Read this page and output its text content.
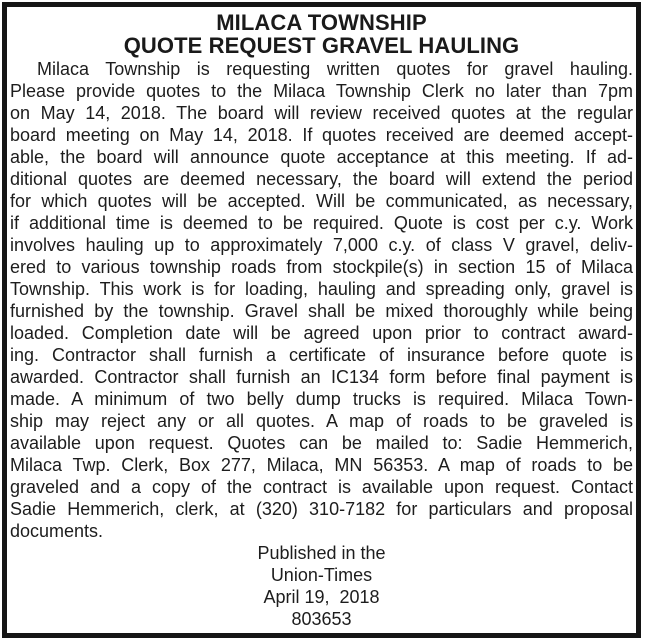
MILACA TOWNSHIP
QUOTE REQUEST GRAVEL HAULING
Milaca Township is requesting written quotes for gravel hauling.
Please provide quotes to the Milaca Township Clerk no later than 7pm
on May 14, 2018. The board will review received quotes at the regular
board meeting on May 14, 2018. If quotes received are deemed accept-
able, the board will announce quote acceptance at this meeting. If ad-
ditional quotes are deemed necessary, the board will extend the period
for which quotes will be accepted. Will be communicated, as necessary,
if additional time is deemed to be required. Quote is cost per c.y. Work
involves hauling up to approximately 7,000 c.y. of class V gravel, deliv-
ered to various township roads from stockpile(s) in section 15 of Milaca
Township. This work is for loading, hauling and spreading only, gravel is
furnished by the township. Gravel shall be mixed thoroughly while being
loaded. Completion date will be agreed upon prior to contract award-
ing. Contractor shall furnish a certificate of insurance before quote is
awarded. Contractor shall furnish an IC134 form before final payment is
made. A minimum of two belly dump trucks is required. Milaca Town-
ship may reject any or all quotes. A map of roads to be graveled is
available upon request. Quotes can be mailed to: Sadie Hemmerich,
Milaca Twp. Clerk, Box 277, Milaca, MN 56353. A map of roads to be
graveled and a copy of the contract is available upon request. Contact
Sadie Hemmerich, clerk, at (320) 310-7182 for particulars and proposal
documents.
Published in the
Union-Times
April 19,  2018
803653
